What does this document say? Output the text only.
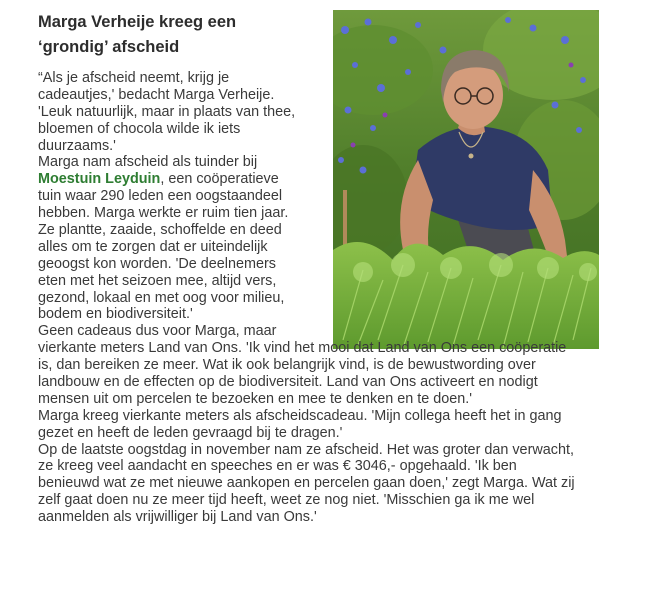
Marga Verheije kreeg een
‘grondig’ afscheid
“Als je afscheid neemt, krijg je
cadeautjes,' bedacht Marga Verheije.
'Leuk natuurlijk, maar in plaats van thee,
bloemen of chocola wilde ik iets
duurzaams.'
Marga nam afscheid als tuinder bij
Moestuin Leyduin, een coöperatieve
tuin waar 290 leden een oogstaandeel
hebben. Marga werkte er ruim tien jaar.
Ze plantte, zaaide, schoffelde en deed
alles om te zorgen dat er uiteindelijk
geoogst kon worden. 'De deelnemers
eten met het seizoen mee, altijd vers,
gezond, lokaal en met oog voor milieu,
bodem en biodiversiteit.'
Geen cadeaus dus voor Marga, maar
vierkante meters Land van Ons. 'Ik vind het mooi dat Land van Ons een coöperatie
is, dan bereiken ze meer. Wat ik ook belangrijk vind, is de bewustwording over
landbouw en de effecten op de biodiversiteit. Land van Ons activeert en nodigt
mensen uit om percelen te bezoeken en mee te denken en te doen.'
Marga kreeg vierkante meters als afscheidscadeau. 'Mijn collega heeft het in gang
gezet en heeft de leden gevraagd bij te dragen.'
Op de laatste oogstdag in november nam ze afscheid. Het was groter dan verwacht,
ze kreeg veel aandacht en speeches en er was € 3046,- opgehaald. 'Ik ben
benieuwd wat ze met nieuwe aankopen en percelen gaan doen,' zegt Marga. Wat zij
zelf gaat doen nu ze meer tijd heeft, weet ze nog niet. 'Misschien ga ik me wel
aanmelden als vrijwilliger bij Land van Ons.'
